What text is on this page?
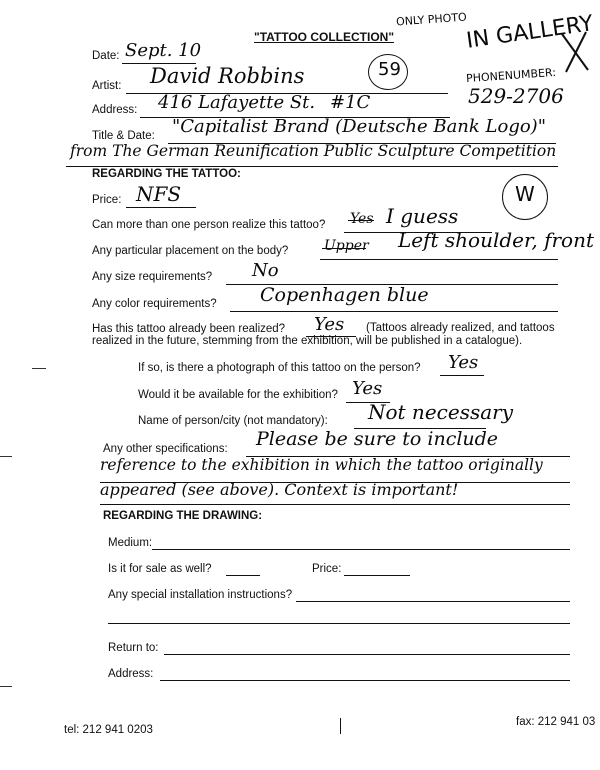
"TATTOO COLLECTION"
ONLY PHOTO
IN GALLERY
59
Date: Sept. 10
Artist: David Robbins	PHONENUMBER:
529-2706
Address: 416 Lafayette St. #1C
Title & Date: "Capitalist Brand (Deutsche Bank Logo)"
from The German Reunification Public Sculpture Competition
REGARDING THE TATTOO:
W
Price: NFS
Can more than one person realize this tattoo? Yes I guess
Any particular placement on the body?	Upper Left shoulder, front
Any size requirements? No
Any color requirements? Copenhagen blue
Has this tattoo already been realized? Yes (Tattoos already realized, and tattoos
realized in the future, stemming from the exhibition, will be published in a catalogue).
If so, is there a photograph of this tattoo on the person? Yes
Would it be available for the exhibition? Yes
Name of person/city (not mandatory): Not necessary
Any other specifications: Please be sure to include
reference to the exhibition in which the tattoo originally
appeared (see above). Context is important!
REGARDING THE DRAWING:
Medium:
Is it for sale as well?	Price:
Any special installation instructions?
Return to:
Address:
tel: 212 941 0203
fax: 212 941 03
